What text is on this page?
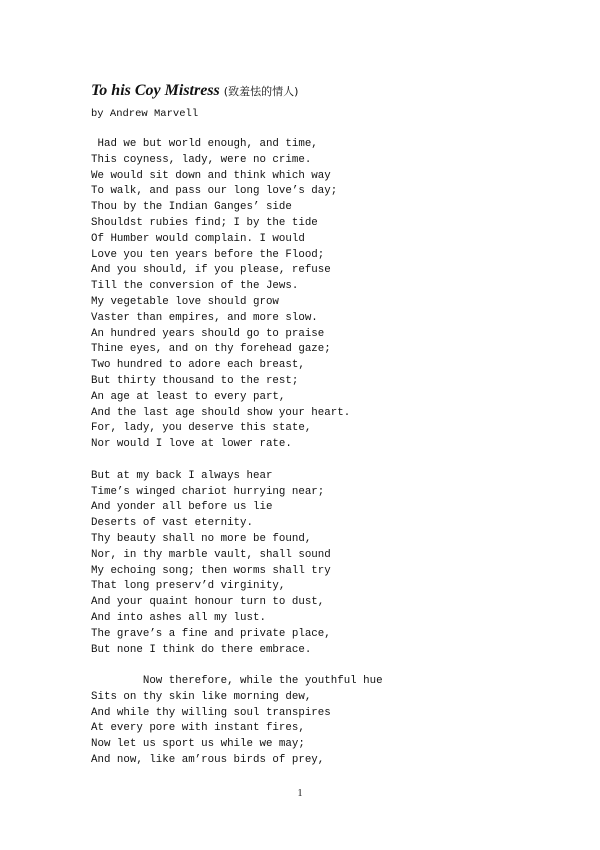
To his Coy Mistress (致羞怯的情人)
by Andrew Marvell
Had we but world enough, and time,
This coyness, lady, were no crime.
We would sit down and think which way
To walk, and pass our long love’s day;
Thou by the Indian Ganges’ side
Shouldst rubies find; I by the tide
Of Humber would complain. I would
Love you ten years before the Flood;
And you should, if you please, refuse
Till the conversion of the Jews.
My vegetable love should grow
Vaster than empires, and more slow.
An hundred years should go to praise
Thine eyes, and on thy forehead gaze;
Two hundred to adore each breast,
But thirty thousand to the rest;
An age at least to every part,
And the last age should show your heart.
For, lady, you deserve this state,
Nor would I love at lower rate.
But at my back I always hear
Time’s winged chariot hurrying near;
And yonder all before us lie
Deserts of vast eternity.
Thy beauty shall no more be found,
Nor, in thy marble vault, shall sound
My echoing song; then worms shall try
That long preserv’d virginity,
And your quaint honour turn to dust,
And into ashes all my lust.
The grave’s a fine and private place,
But none I think do there embrace.
Now therefore, while the youthful hue
Sits on thy skin like morning dew,
And while thy willing soul transpires
At every pore with instant fires,
Now let us sport us while we may;
And now, like am’rous birds of prey,
1
